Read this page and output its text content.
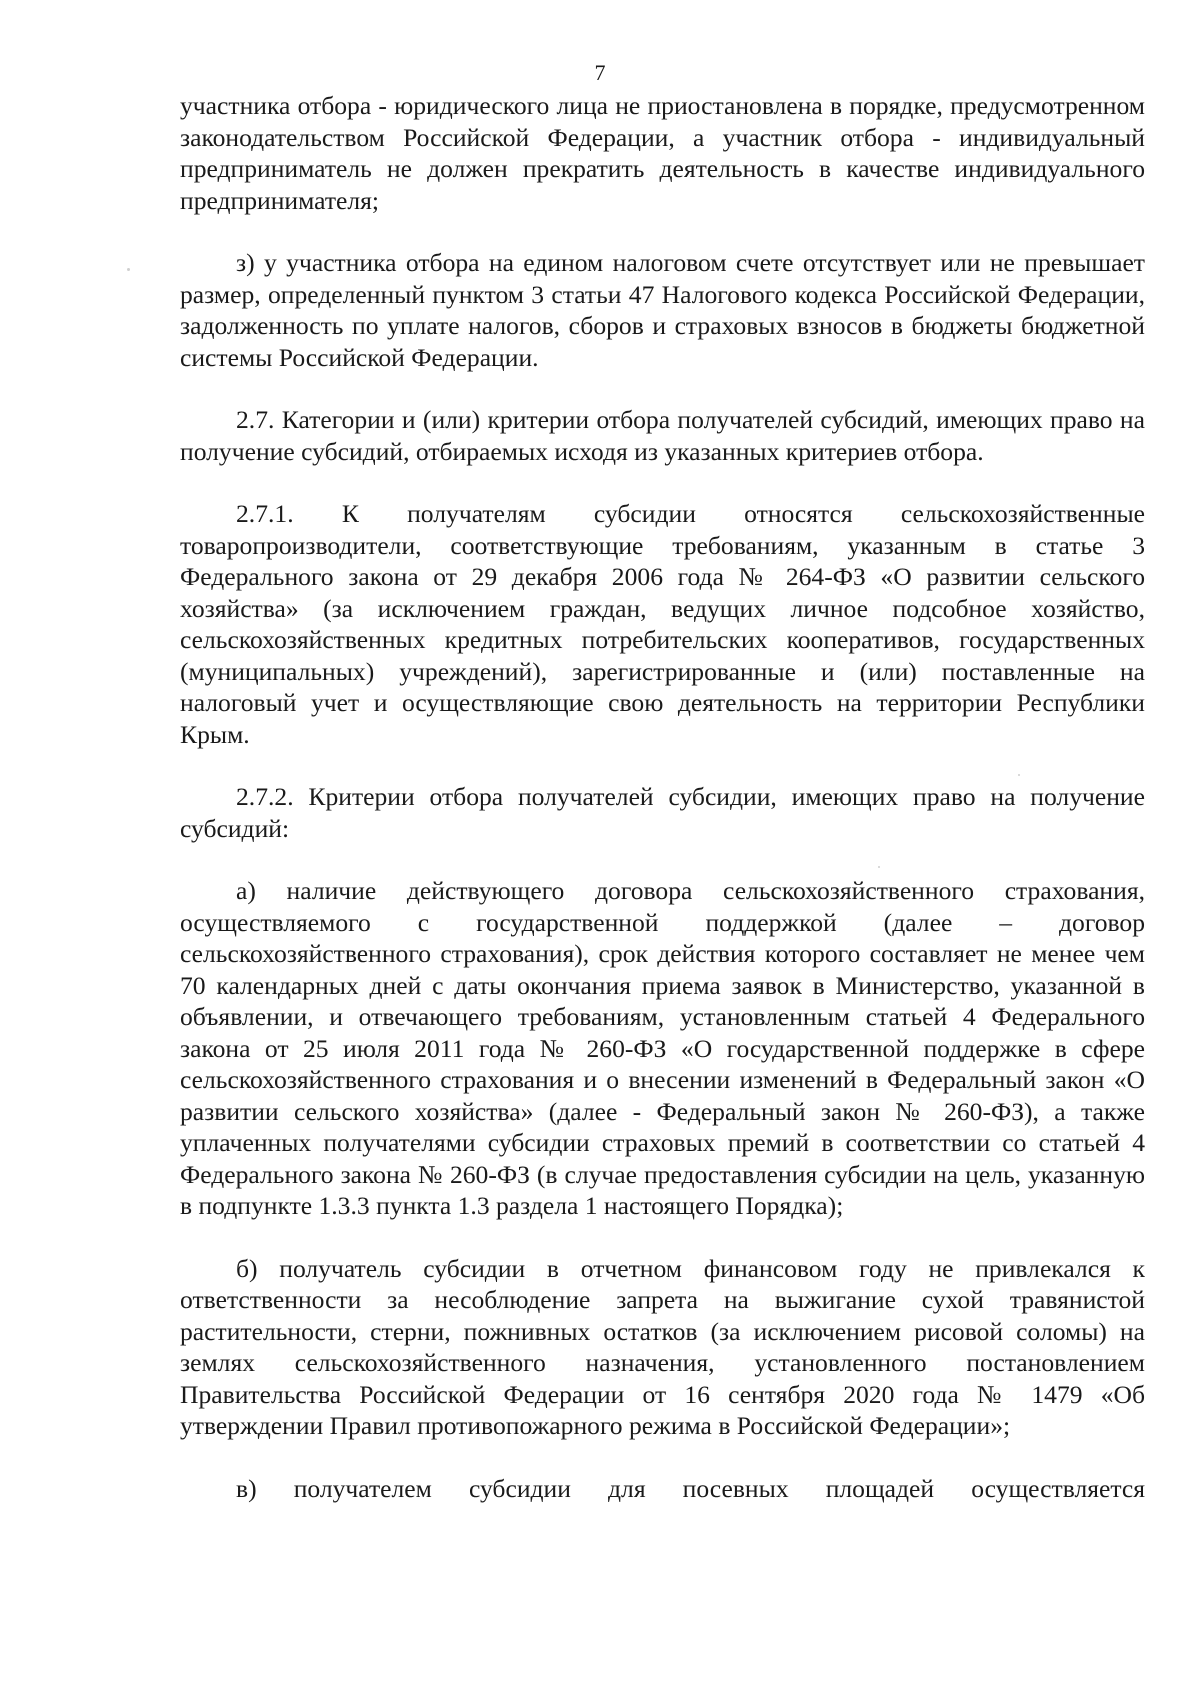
7

участника отбора - юридического лица не приостановлена в порядке, предусмотренном законодательством Российской Федерации, а участник отбора - индивидуальный предприниматель не должен прекратить деятельность в качестве индивидуального предпринимателя;

з) у участника отбора на едином налоговом счете отсутствует или не превышает размер, определенный пунктом 3 статьи 47 Налогового кодекса Российской Федерации, задолженность по уплате налогов, сборов и страховых взносов в бюджеты бюджетной системы Российской Федерации.

2.7. Категории и (или) критерии отбора получателей субсидий, имеющих право на получение субсидий, отбираемых исходя из указанных критериев отбора.

2.7.1. К получателям субсидии относятся сельскохозяйственные товаропроизводители, соответствующие требованиям, указанным в статье 3 Федерального закона от 29 декабря 2006 года № 264-ФЗ «О развитии сельского хозяйства» (за исключением граждан, ведущих личное подсобное хозяйство, сельскохозяйственных кредитных потребительских кооперативов, государственных (муниципальных) учреждений), зарегистрированные и (или) поставленные на налоговый учет и осуществляющие свою деятельность на территории Республики Крым.

2.7.2. Критерии отбора получателей субсидии, имеющих право на получение субсидий:

а) наличие действующего договора сельскохозяйственного страхования, осуществляемого с государственной поддержкой (далее – договор сельскохозяйственного страхования), срок действия которого составляет не менее чем 70 календарных дней с даты окончания приема заявок в Министерство, указанной в объявлении, и отвечающего требованиям, установленным статьей 4 Федерального закона от 25 июля 2011 года № 260-ФЗ «О государственной поддержке в сфере сельскохозяйственного страхования и о внесении изменений в Федеральный закон «О развитии сельского хозяйства» (далее - Федеральный закон № 260-ФЗ), а также уплаченных получателями субсидии страховых премий в соответствии со статьей 4 Федерального закона № 260-ФЗ (в случае предоставления субсидии на цель, указанную в подпункте 1.3.3 пункта 1.3 раздела 1 настоящего Порядка);

б) получатель субсидии в отчетном финансовом году не привлекался к ответственности за несоблюдение запрета на выжигание сухой травянистой растительности, стерни, пожнивных остатков (за исключением рисовой соломы) на землях сельскохозяйственного назначения, установленного постановлением Правительства Российской Федерации от 16 сентября 2020 года № 1479 «Об утверждении Правил противопожарного режима в Российской Федерации»;

в) получателем субсидии для посевных площадей осуществляется
